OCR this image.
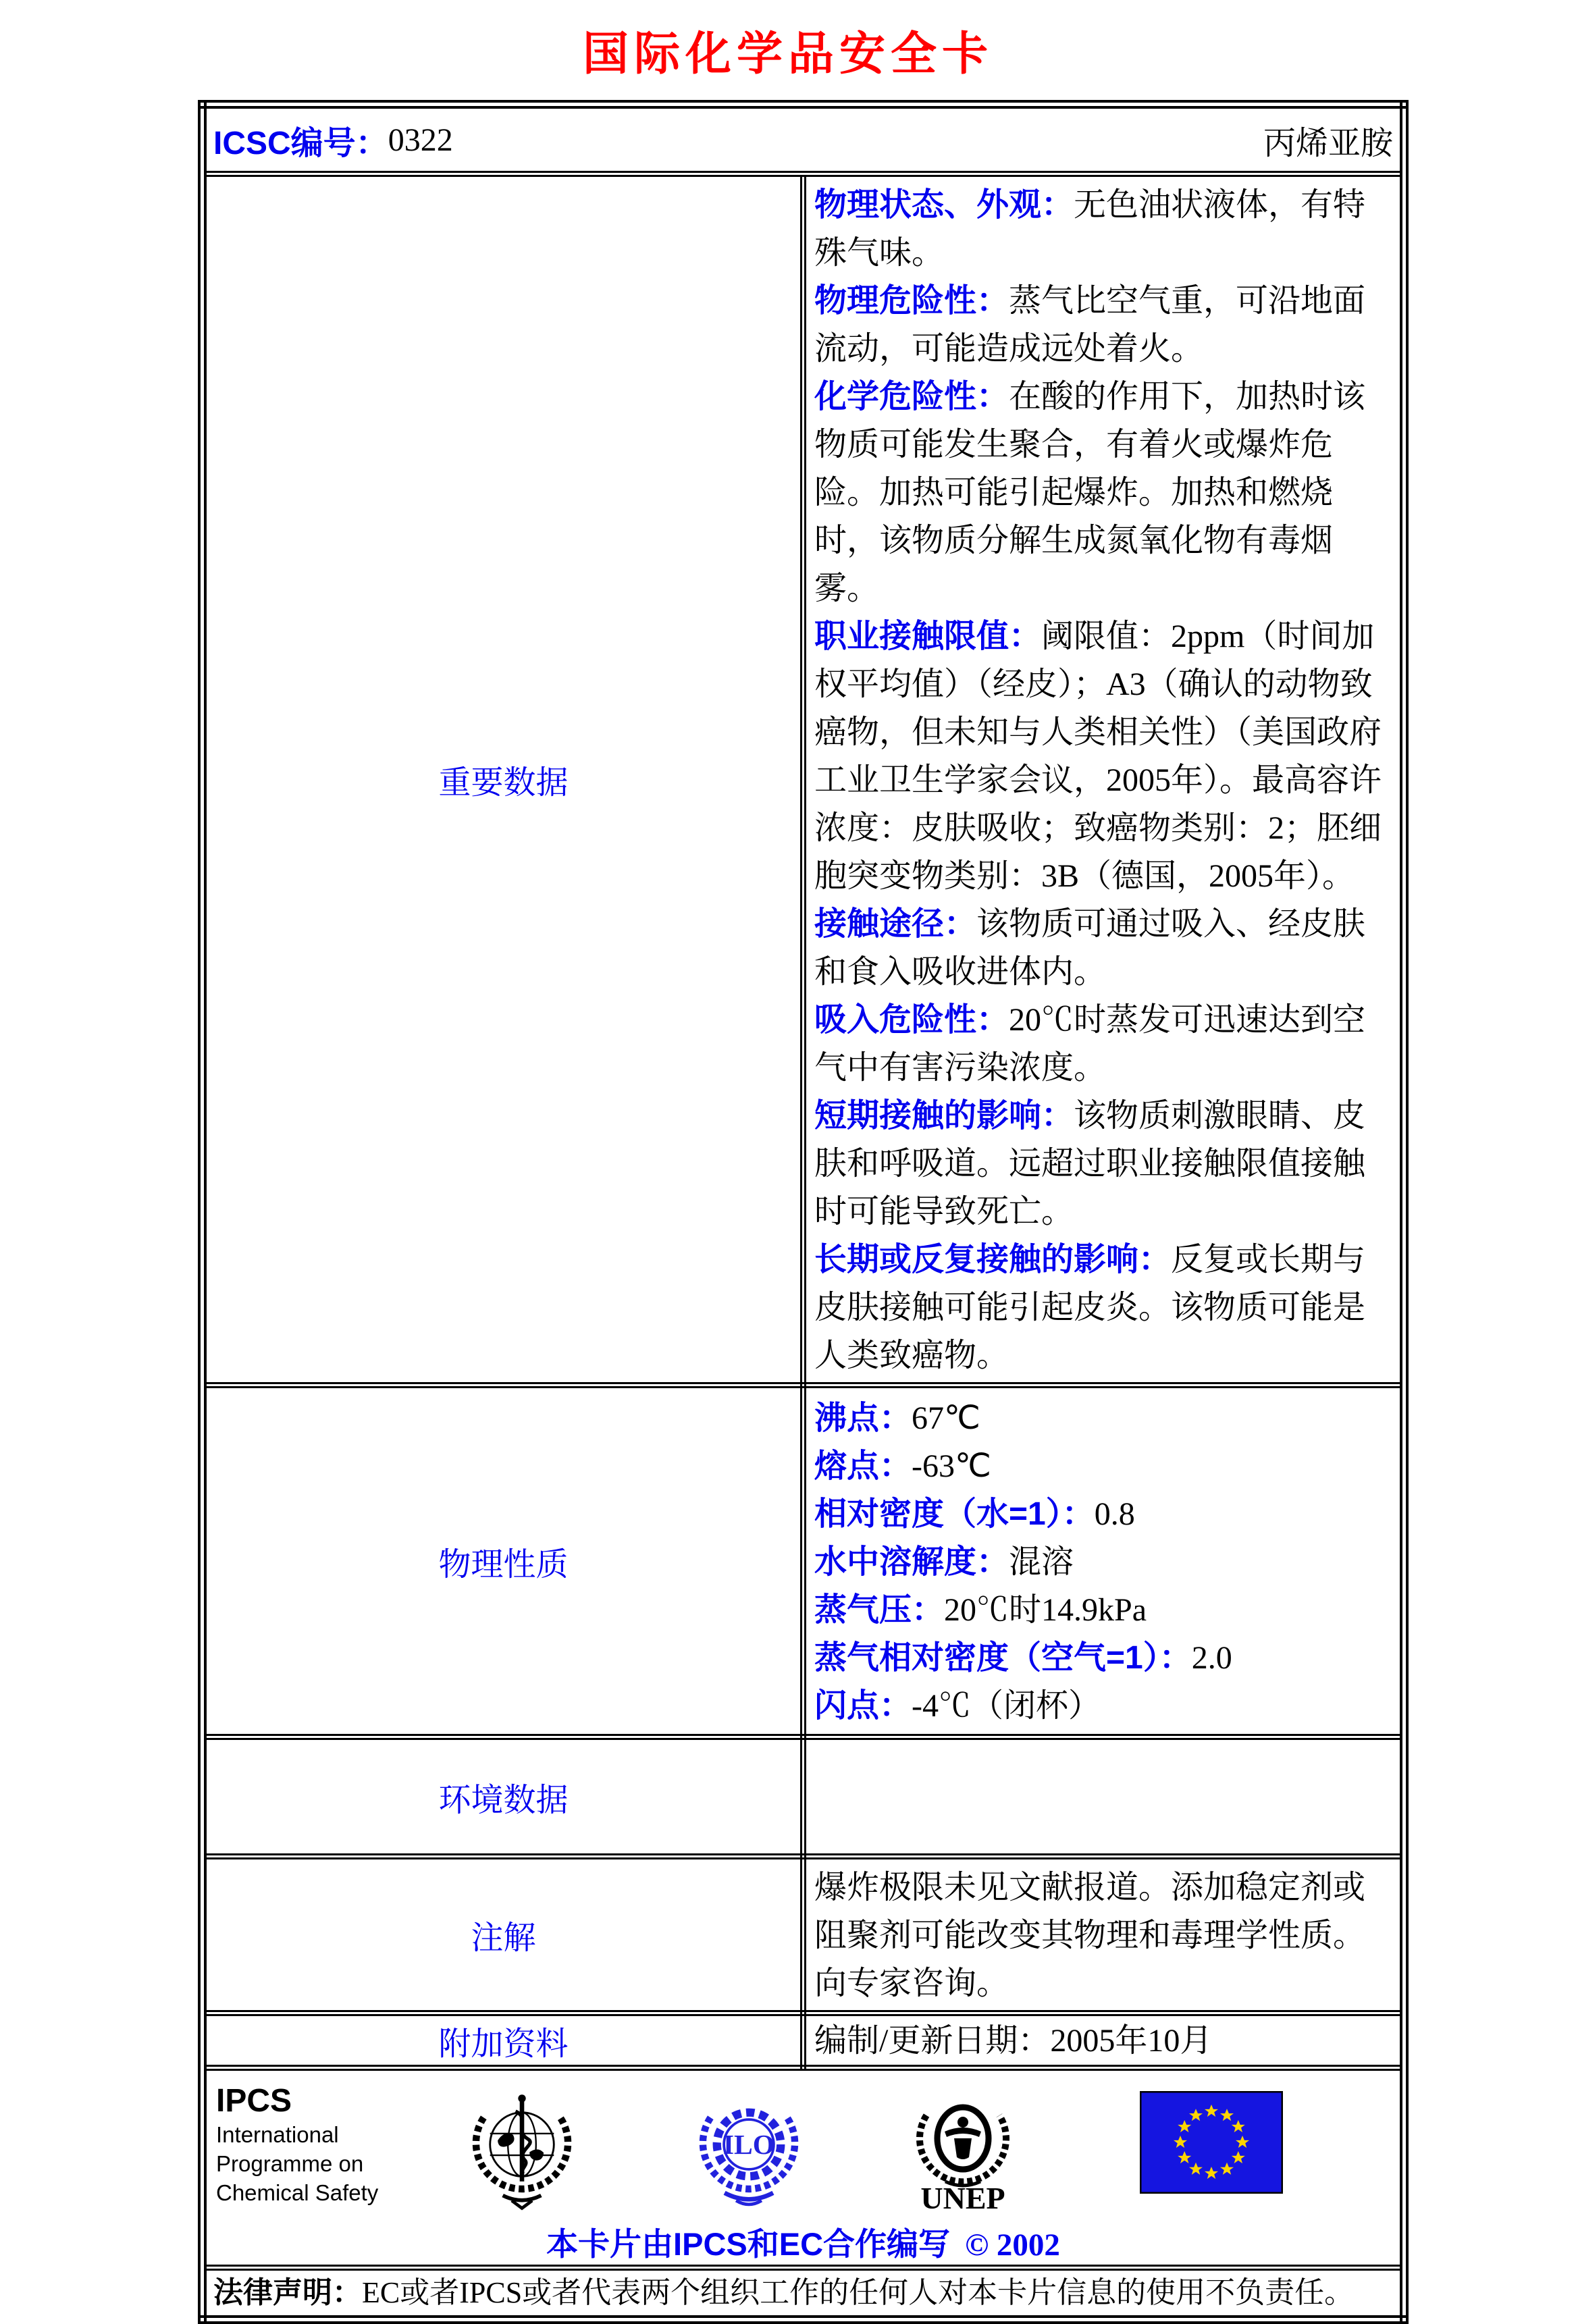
国际化学品安全卡
ICSC编号： 0322 丙烯亚胺	

重要数据	
物理状态、外观：无色油状液体，有特殊气味。
物理危险性：蒸气比空气重，可沿地面流动，可能造成远处着火。
化学危险性：在酸的作用下，加热时该物质可能发生聚合，有着火或爆炸危险。加热可能引起爆炸。加热和燃烧时，该物质分解生成氮氧化物有毒烟雾。
职业接触限值：阈限值：2ppm（时间加权平均值）（经皮）；A3（确认的动物致癌物，但未知与人类相关性）（美国政府工业卫生学家会议，2005年）。最高容许浓度：皮肤吸收；致癌物类别：2；胚细胞突变物类别：3B（德国，2005年）。
接触途径：该物质可通过吸入、经皮肤和食入吸收进体内。
吸入危险性：20℃时蒸发可迅速达到空气中有害污染浓度。
短期接触的影响：该物质刺激眼睛、皮肤和呼吸道。远超过职业接触限值接触时可能导致死亡。
长期或反复接触的影响：反复或长期与皮肤接触可能引起皮炎。该物质可能是人类致癌物。

物理性质	
沸点：67℃
熔点：-63℃
相对密度（水=1）：0.8
水中溶解度：混溶
蒸气压：20℃时14.9kPa
蒸气相对密度（空气=1）：2.0
闪点：-4℃（闭杯）

环境数据	
注解	爆炸极限未见文献报道。添加稳定剂或阻聚剂可能改变其物理和毒理学性质。向专家咨询。
附加资料	编制/更新日期：2005年10月

IPCS
International
Programme on
Chemical Safety
ILO
UNEP
本卡片由IPCS和EC合作编写 © 2002

法律声明：EC或者IPCS或者代表两个组织工作的任何人对本卡片信息的使用不负责任。	
